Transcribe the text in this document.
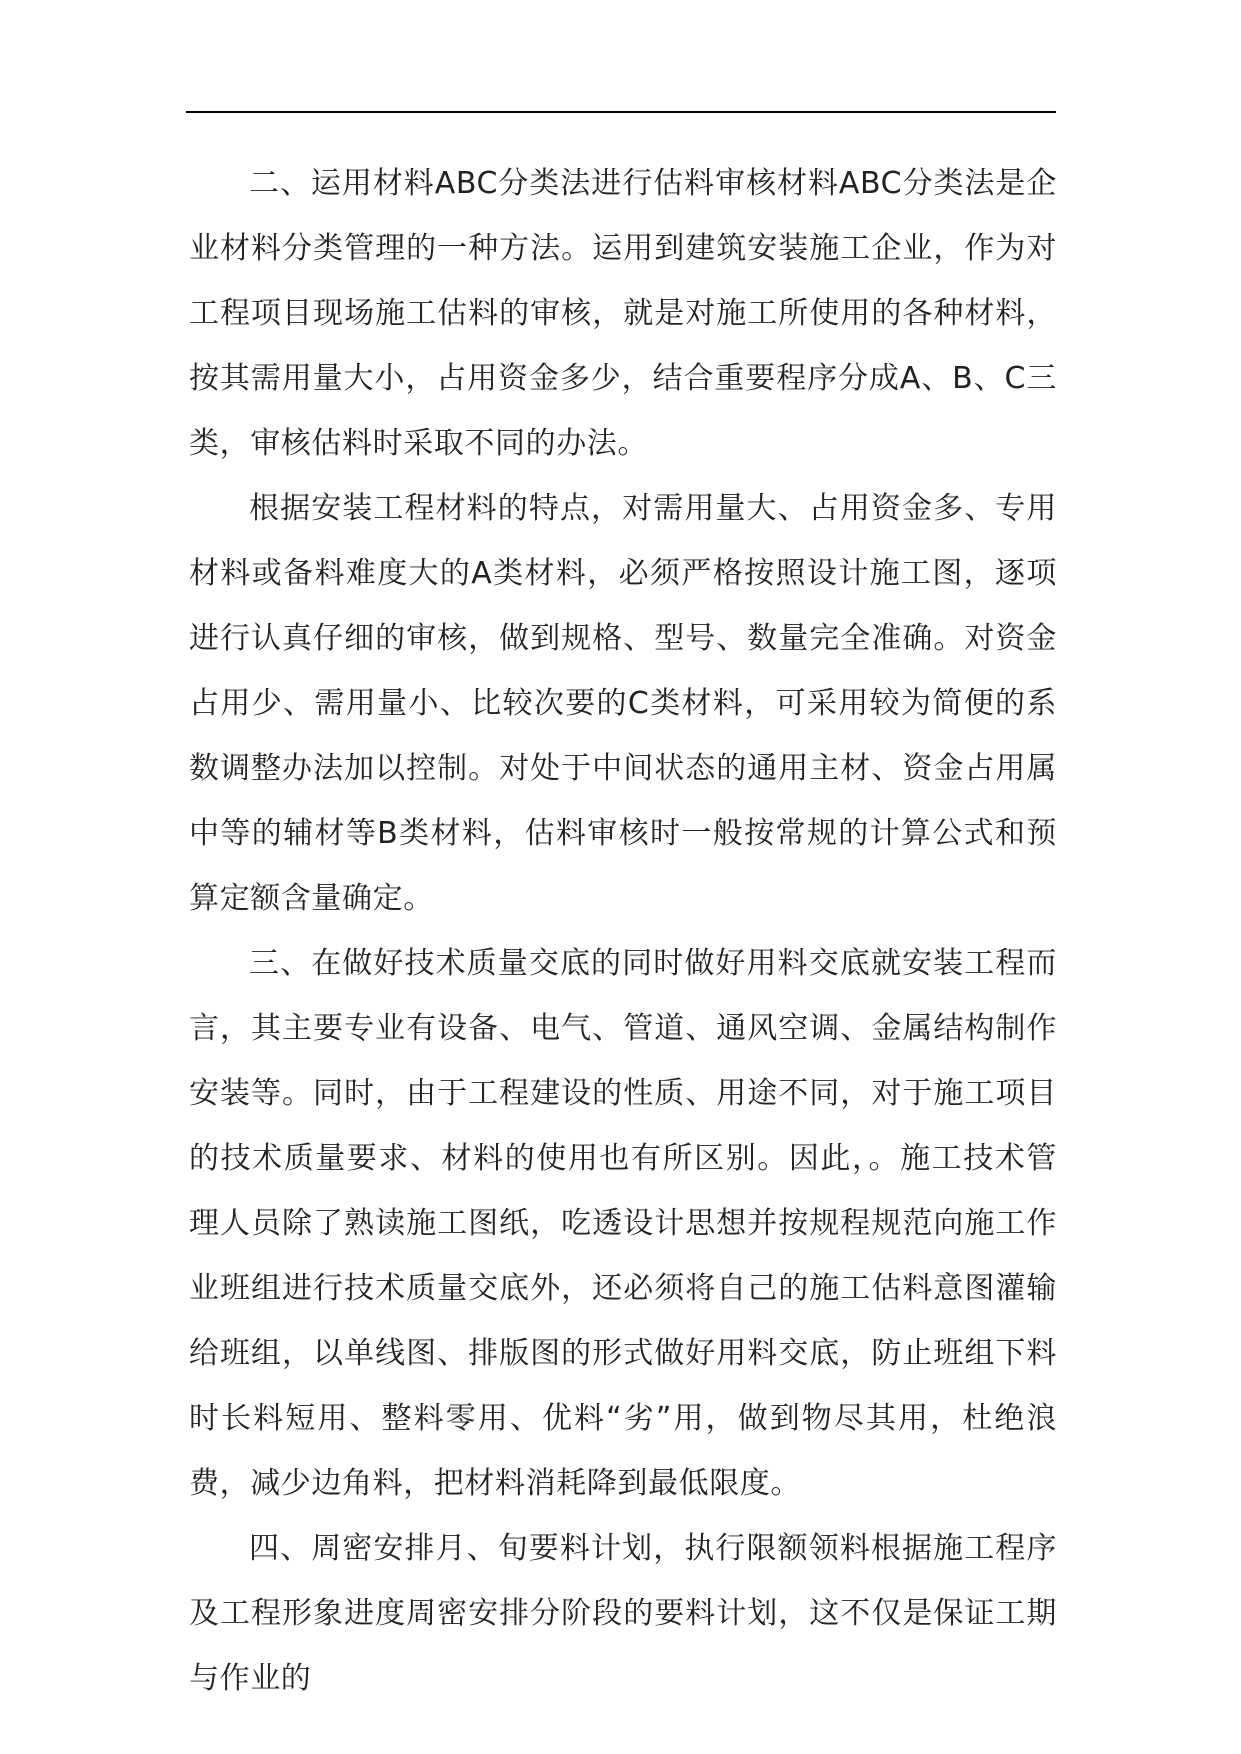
二、运用材料ABC分类法进行估料审核材料ABC分类法是企业材料分类管理的一种方法。运用到建筑安装施工企业，作为对工程项目现场施工估料的审核，就是对施工所使用的各种材料，按其需用量大小，占用资金多少，结合重要程序分成A、B、C三类，审核估料时采取不同的办法。

根据安装工程材料的特点，对需用量大、占用资金多、专用材料或备料难度大的A类材料，必须严格按照设计施工图，逐项进行认真仔细的审核，做到规格、型号、数量完全准确。对资金占用少、需用量小、比较次要的C类材料，可采用较为简便的系数调整办法加以控制。对处于中间状态的通用主材、资金占用属中等的辅材等B类材料，估料审核时一般按常规的计算公式和预算定额含量确定。

三、在做好技术质量交底的同时做好用料交底就安装工程而言，其主要专业有设备、电气、管道、通风空调、金属结构制作安装等。同时，由于工程建设的性质、用途不同，对于施工项目的技术质量要求、材料的使用也有所区别。因此，。施工技术管理人员除了熟读施工图纸，吃透设计思想并按规程规范向施工作业班组进行技术质量交底外，还必须将自己的施工估料意图灌输给班组，以单线图、排版图的形式做好用料交底，防止班组下料时长料短用、整料零用、优料“劣”用，做到物尽其用，杜绝浪费，减少边角料，把材料消耗降到最低限度。

四、周密安排月、旬要料计划，执行限额领料根据施工程序及工程形象进度周密安排分阶段的要料计划，这不仅是保证工期与作业的
